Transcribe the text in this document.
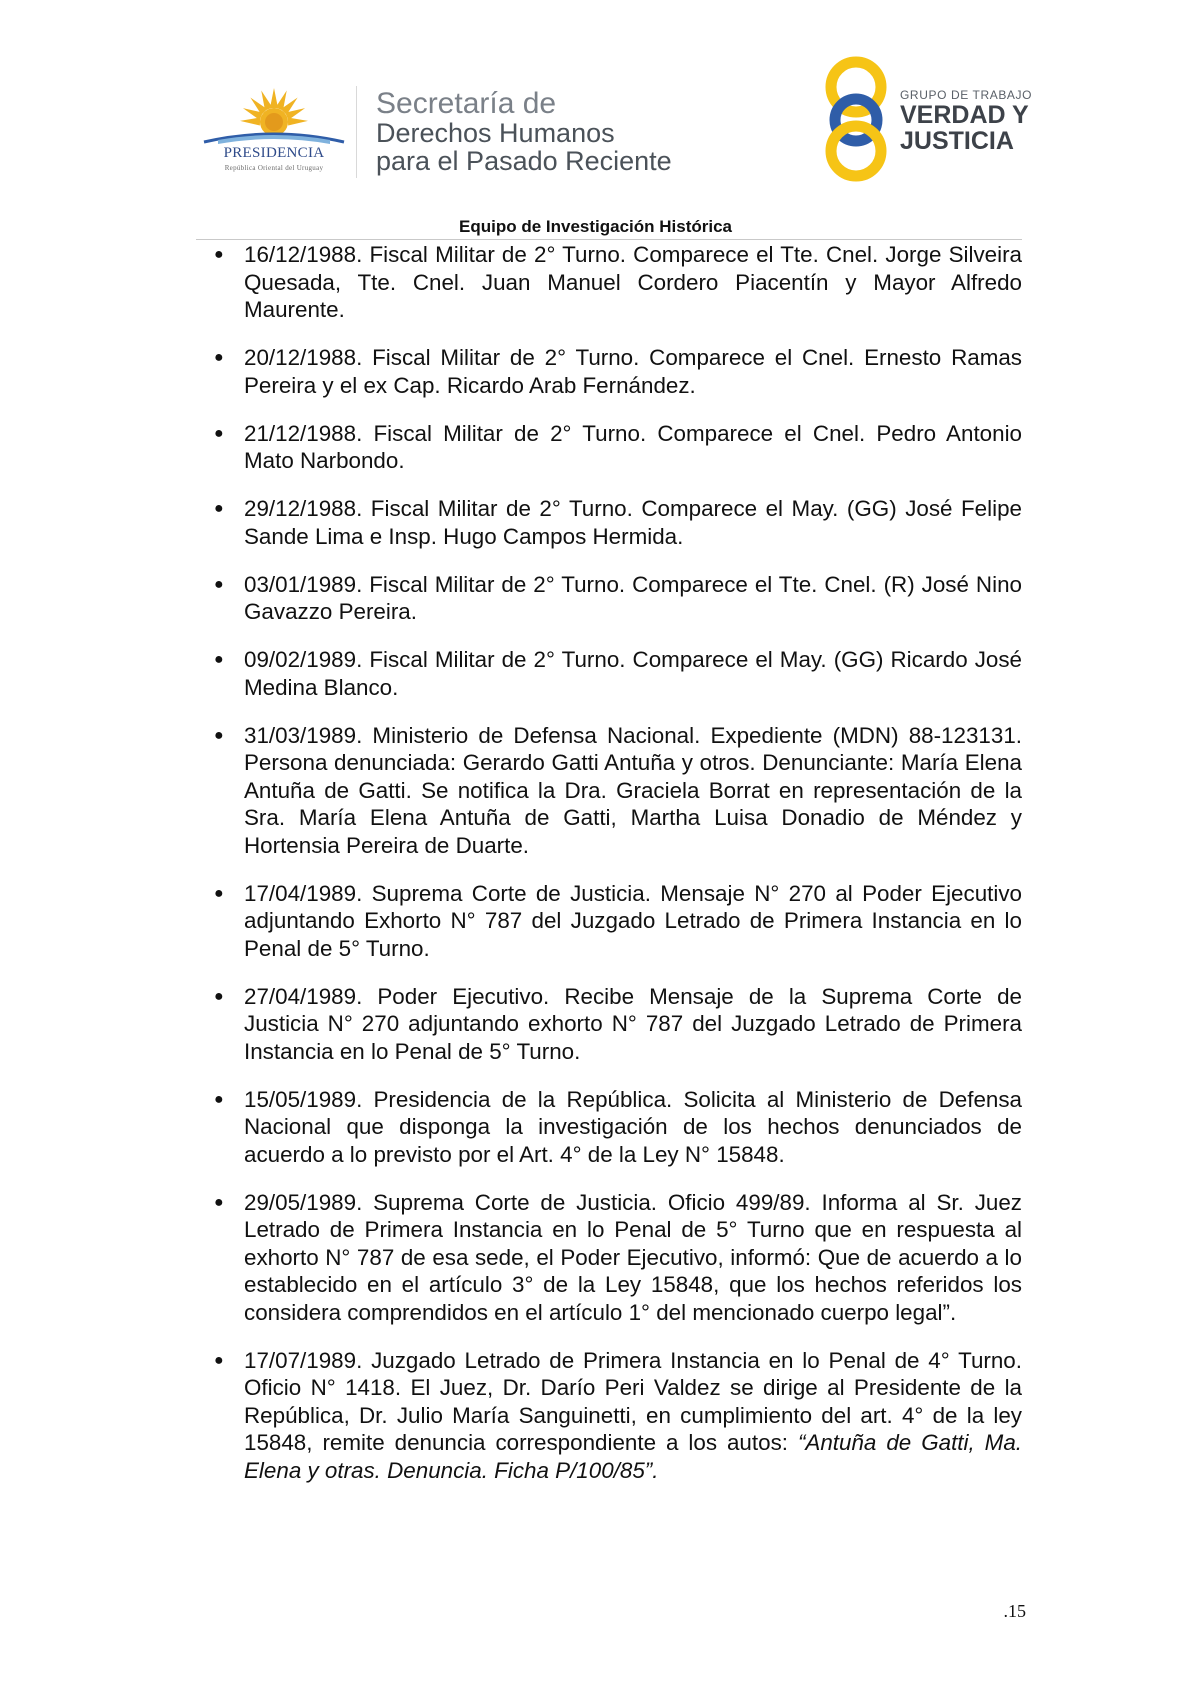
PRESIDENCIA
República Oriental del Uruguay
Secretaría de
Derechos Humanos
para el Pasado Reciente
GRUPO DE TRABAJO
VERDAD Y
JUSTICIA
Equipo de Investigación Histórica
● 16/12/1988. Fiscal Militar de 2° Turno. Comparece el Tte. Cnel. Jorge Silveira Quesada, Tte. Cnel. Juan Manuel Cordero Piacentín y Mayor Alfredo Maurente.
● 20/12/1988. Fiscal Militar de 2° Turno. Comparece el Cnel. Ernesto Ramas Pereira y el ex Cap. Ricardo Arab Fernández.
● 21/12/1988. Fiscal Militar de 2° Turno. Comparece el Cnel. Pedro Antonio Mato Narbondo.
● 29/12/1988. Fiscal Militar de 2° Turno. Comparece el May. (GG) José Felipe Sande Lima e Insp. Hugo Campos Hermida.
● 03/01/1989. Fiscal Militar de 2° Turno. Comparece el Tte. Cnel. (R) José Nino Gavazzo Pereira.
● 09/02/1989. Fiscal Militar de 2° Turno. Comparece el May. (GG) Ricardo José Medina Blanco.
● 31/03/1989. Ministerio de Defensa Nacional. Expediente (MDN) 88-123131. Persona denunciada: Gerardo Gatti Antuña y otros. Denunciante: María Elena Antuña de Gatti. Se notifica la Dra. Graciela Borrat en representación de la Sra. María Elena Antuña de Gatti, Martha Luisa Donadio de Méndez y Hortensia Pereira de Duarte.
● 17/04/1989. Suprema Corte de Justicia. Mensaje N° 270 al Poder Ejecutivo adjuntando Exhorto N° 787 del Juzgado Letrado de Primera Instancia en lo Penal de 5° Turno.
● 27/04/1989. Poder Ejecutivo. Recibe Mensaje de la Suprema Corte de Justicia N° 270 adjuntando exhorto N° 787 del Juzgado Letrado de Primera Instancia en lo Penal de 5° Turno.
● 15/05/1989. Presidencia de la República. Solicita al Ministerio de Defensa Nacional que disponga la investigación de los hechos denunciados de acuerdo a lo previsto por el Art. 4° de la Ley N° 15848.
● 29/05/1989. Suprema Corte de Justicia. Oficio 499/89. Informa al Sr. Juez Letrado de Primera Instancia en lo Penal de 5° Turno que en respuesta al exhorto N° 787 de esa sede, el Poder Ejecutivo, informó: Que de acuerdo a lo establecido en el artículo 3° de la Ley 15848, que los hechos referidos los considera comprendidos en el artículo 1° del mencionado cuerpo legal”.
● 17/07/1989. Juzgado Letrado de Primera Instancia en lo Penal de 4° Turno. Oficio N° 1418. El Juez, Dr. Darío Peri Valdez se dirige al Presidente de la República, Dr. Julio María Sanguinetti, en cumplimiento del art. 4° de la ley 15848, remite denuncia correspondiente a los autos: “Antuña de Gatti, Ma. Elena y otras. Denuncia. Ficha P/100/85”.
.15
